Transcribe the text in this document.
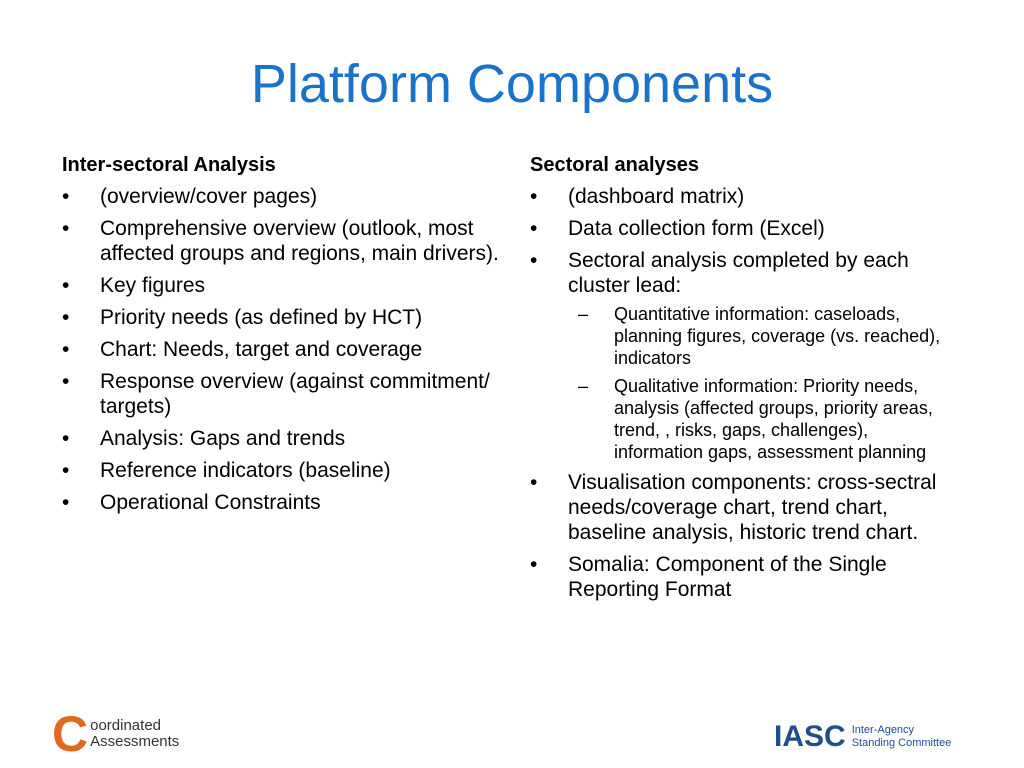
Platform Components
Inter-sectoral Analysis
• (overview/cover pages)
• Comprehensive overview (outlook, most affected groups and regions, main drivers).
• Key figures
• Priority needs (as defined by HCT)
• Chart: Needs, target and coverage
• Response overview (against commitment/ targets)
• Analysis: Gaps and trends
• Reference indicators (baseline)
• Operational Constraints
Sectoral analyses
• (dashboard matrix)
• Data collection form (Excel)
• Sectoral analysis completed by each cluster lead:
– Quantitative information: caseloads, planning figures, coverage (vs. reached), indicators
– Qualitative information: Priority needs, analysis (affected groups, priority areas, trend, , risks, gaps, challenges), information gaps, assessment planning
• Visualisation components: cross-sectral needs/coverage chart, trend chart, baseline analysis, historic trend chart.
• Somalia: Component of the Single Reporting Format
C oordinated
Assessments	IASC Inter-Agency
Standing Committee
